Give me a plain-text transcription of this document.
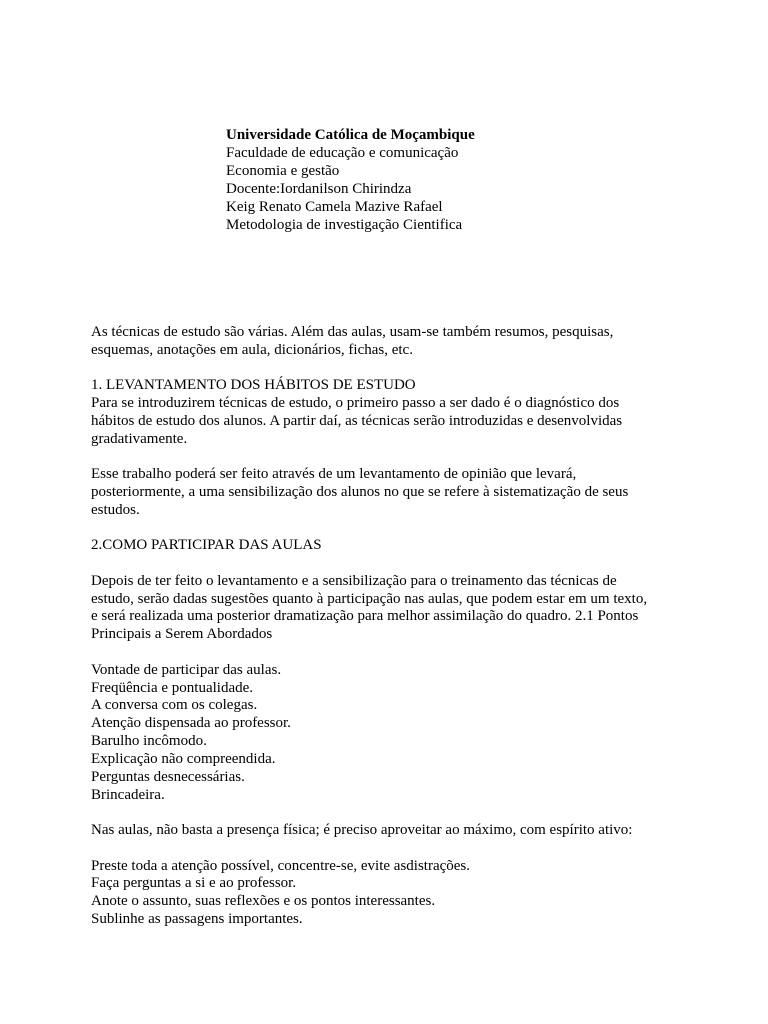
Universidade Católica de Moçambique
Faculdade de educação e comunicação
Economia e gestão
Docente:Iordanilson Chirindza
Keig Renato Camela Mazive Rafael
Metodologia de investigação Cientifica

As técnicas de estudo são várias. Além das aulas, usam-se também resumos, pesquisas, esquemas, anotações em aula, dicionários, fichas, etc.

1. LEVANTAMENTO DOS HÁBITOS DE ESTUDO

Para se introduzirem técnicas de estudo, o primeiro passo a ser dado é o diagnóstico dos hábitos de estudo dos alunos. A partir daí, as técnicas serão introduzidas e desenvolvidas gradativamente.

Esse trabalho poderá ser feito através de um levantamento de opinião que levará, posteriormente, a uma sensibilização dos alunos no que se refere à sistematização de seus estudos.

2.COMO PARTICIPAR DAS AULAS

Depois de ter feito o levantamento e a sensibilização para o treinamento das técnicas de estudo, serão dadas sugestões quanto à participação nas aulas, que podem estar em um texto, e será realizada uma posterior dramatização para melhor assimilação do quadro. 2.1 Pontos Principais a Serem Abordados

Vontade de participar das aulas.
Freqüência e pontualidade.
A conversa com os colegas.
Atenção dispensada ao professor.
Barulho incômodo.
Explicação não compreendida.
Perguntas desnecessárias.
Brincadeira.

Nas aulas, não basta a presença física; é preciso aproveitar ao máximo, com espírito ativo:

Preste toda a atenção possível, concentre-se, evite asdistrações.
Faça perguntas a si e ao professor.
Anote o assunto, suas reflexões e os pontos interessantes.
Sublinhe as passagens importantes.
